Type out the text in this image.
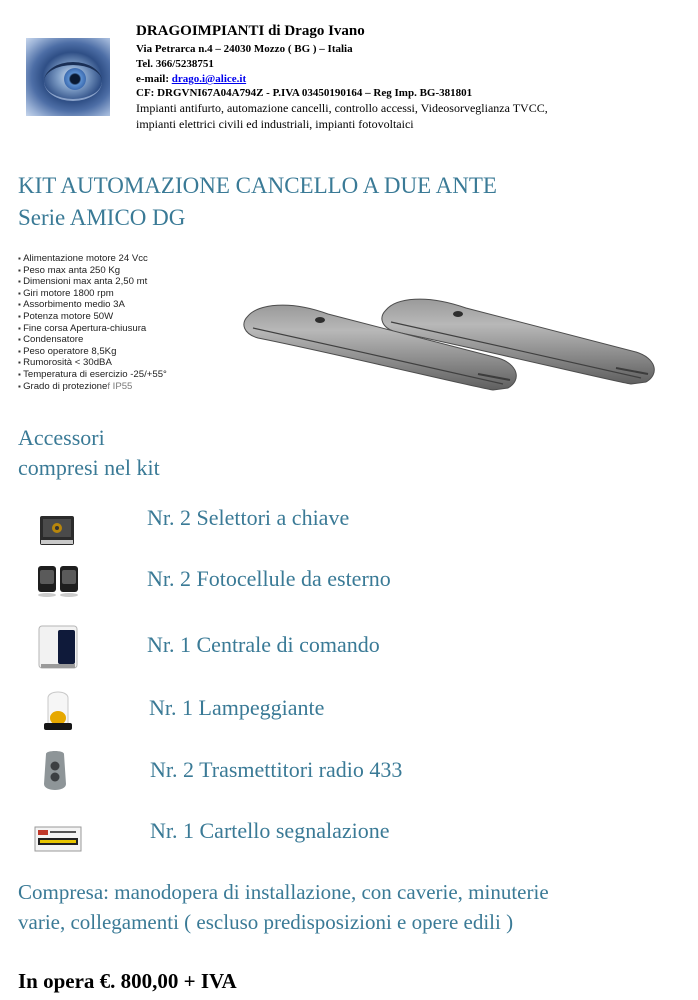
DRAGOIMPIANTI di Drago Ivano
Via Petrarca n.4 – 24030 Mozzo ( BG ) – Italia
Tel. 366/5238751
e-mail: drago.i@alice.it
CF: DRGVNI67A04A794Z - P.IVA 03450190164 – Reg Imp. BG-381801
Impianti antifurto, automazione cancelli, controllo accessi, Videosorveglianza TVCC,
impianti elettrici civili ed industriali, impianti fotovoltaici
KIT AUTOMAZIONE CANCELLO A DUE ANTE
Serie AMICO DG
▪ Alimentazione motore 24 Vcc
▪ Peso max anta 250 Kg
▪ Dimensioni max anta 2,50 mt
▪ Giri motore 1800 rpm
▪ Assorbimento medio 3A
▪ Potenza motore 50W
▪ Fine corsa Apertura-chiusura
▪ Condensatore
▪ Peso operatore 8,5Kg
▪ Rumorosità < 30dBA
▪ Temperatura di esercizio -25/+55°
▪ Grado di protezionef IP55
Accessori
compresi nel kit
Nr. 2 Selettori a chiave
Nr. 2 Fotocellule da esterno
Nr. 1 Centrale di comando
Nr. 1 Lampeggiante
Nr. 2 Trasmettitori radio 433
Nr. 1 Cartello segnalazione
Compresa: manodopera di installazione, con caverie, minuterie
varie, collegamenti ( escluso predisposizioni e opere edili )
In opera €. 800,00 + IVA
